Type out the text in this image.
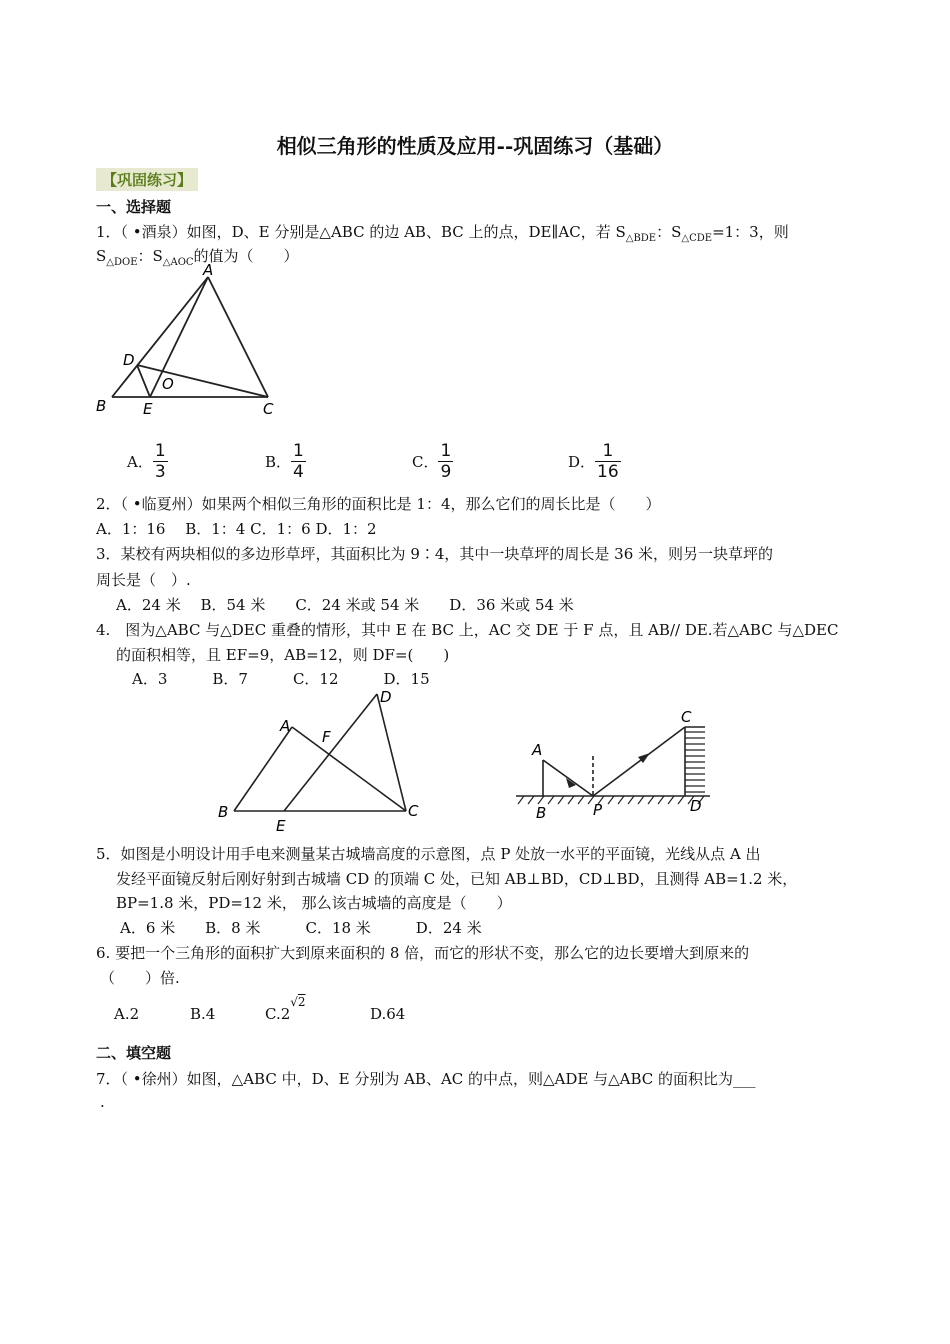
相似三角形的性质及应用--巩固练习（基础）
【巩固练习】
一、选择题
1．（ •酒泉）如图，D、E 分别是△ABC 的边 AB、BC 上的点，DE∥AC，若 $S_{\triangle BDE}$：$S_{\triangle CDE}=1$：3，则
$S_{\triangle DOE}$：$S_{\triangle AOC}$的值为（　　）
A
D
O
B E	C
A． $\frac{1}{3}$	B． $\frac{1}{4}$	C． $\frac{1}{9}$	D． $\frac{1}{16}$
2．（ •临夏州）如果两个相似三角形的面积比是 1：4，那么它们的周长比是（　　）
A．1：16　 B．1：4 C．1：6 D．1：2
3．某校有两块相似的多边形草坪，其面积比为 9∶4，其中一块草坪的周长是 36 米，则另一块草坪的
周长是（　）.
A．24 米　 B．54 米　　C．24 米或 54 米　　D．36 米或 54 米
4.　图为△ABC 与△DEC 重叠的情形，其中 E 在 BC 上，AC 交 DE 于 F 点，且 AB// DE.若△ABC 与△DEC
的面积相等，且 EF=9，AB=12，则 DF=(　　)
A．3　　　B．7　　　C．12　　　D．15
A
F
D
B
E
C
A
B	P
C
D
5．如图是小明设计用手电来测量某古城墙高度的示意图，点 P 处放一水平的平面镜，光线从点 A 出
发经平面镜反射后刚好射到古城墙 CD 的顶端 C 处，已知 AB⊥BD，CD⊥BD，且测得 AB=1.2 米，
BP=1.8 米，PD=12 米， 那么该古城墙的高度是（　　）
A．6 米　　B．8 米　　　C．18 米　　　D．24 米
6. 要把一个三角形的面积扩大到原来面积的 8 倍，而它的形状不变，那么它的边长要增大到原来的
（　　）倍.
A.2	B.4	$C.2^{√2}$
D.64
二、填空题
7．（ •徐州）如图，△ABC 中，D、E 分别为 AB、AC 的中点，则△ADE 与△ABC 的面积比为___
.
